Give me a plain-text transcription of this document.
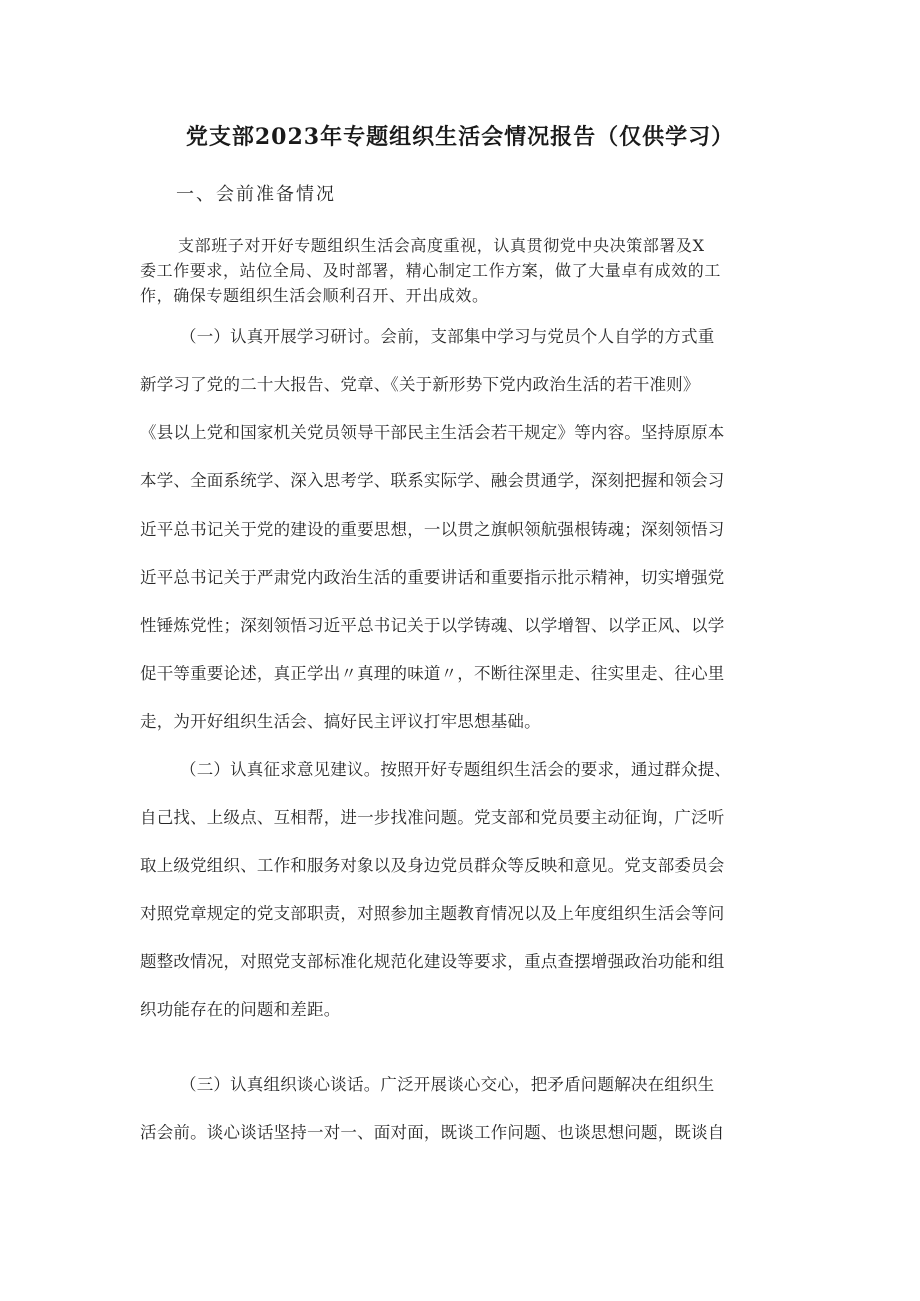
党支部2023年专题组织生活会情况报告（仅供学习）
一、会前准备情况
支部班子对开好专题组织生活会高度重视，认真贯彻党中央决策部署及X
委工作要求，站位全局、及时部署，精心制定工作方案，做了大量卓有成效的工
作，确保专题组织生活会顺利召开、开出成效。
（一）认真开展学习研讨。会前，支部集中学习与党员个人自学的方式重
新学习了党的二十大报告、党章、《关于新形势下党内政治生活的若干准则》
《县以上党和国家机关党员领导干部民主生活会若干规定》等内容。坚持原原本
本学、全面系统学、深入思考学、联系实际学、融会贯通学，深刻把握和领会习
近平总书记关于党的建设的重要思想，一以贯之旗帜领航强根铸魂；深刻领悟习
近平总书记关于严肃党内政治生活的重要讲话和重要指示批示精神，切实增强党
性锤炼党性；深刻领悟习近平总书记关于以学铸魂、以学增智、以学正风、以学
促干等重要论述，真正学出〃真理的味道〃，不断往深里走、往实里走、往心里
走，为开好组织生活会、搞好民主评议打牢思想基础。
（二）认真征求意见建议。按照开好专题组织生活会的要求，通过群众提、
自己找、上级点、互相帮，进一步找准问题。党支部和党员要主动征询，广泛听
取上级党组织、工作和服务对象以及身边党员群众等反映和意见。党支部委员会
对照党章规定的党支部职责，对照参加主题教育情况以及上年度组织生活会等问
题整改情况，对照党支部标准化规范化建设等要求，重点查摆增强政治功能和组
织功能存在的问题和差距。
（三）认真组织谈心谈话。广泛开展谈心交心，把矛盾问题解决在组织生
活会前。谈心谈话坚持一对一、面对面，既谈工作问题、也谈思想问题，既谈自
